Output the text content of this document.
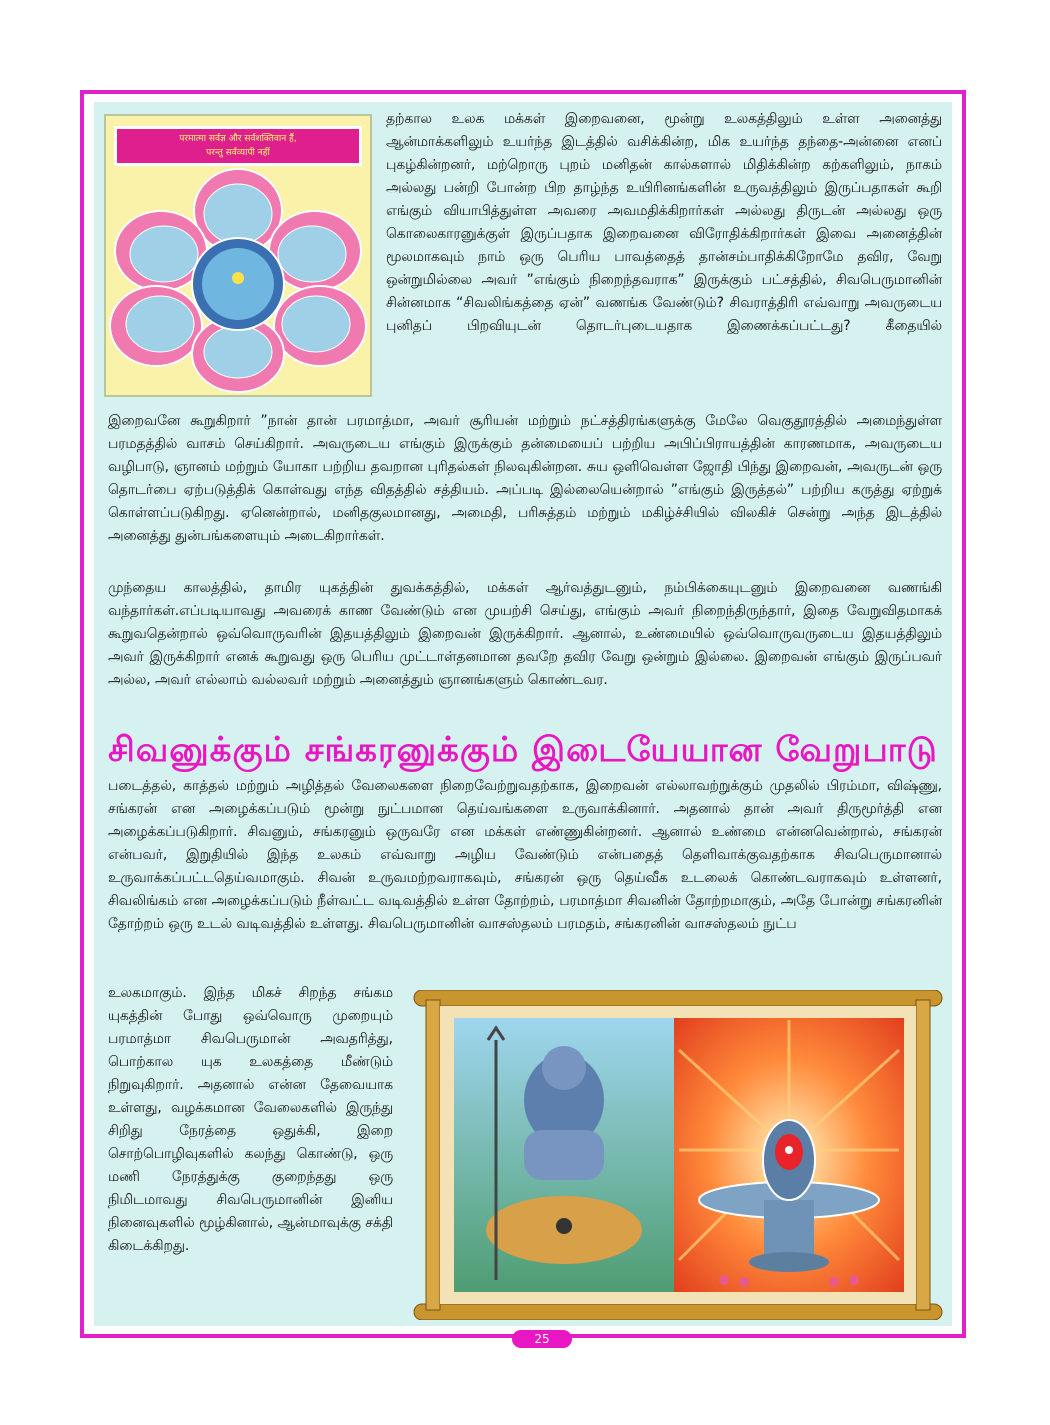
परमात्मा सर्वज्ञ और सर्वशक्तिवान हैं,
परन्तु सर्वव्यापी नहीं

தற்கால உலக மக்கள் இறைவனை, மூன்று உலகத்திலும் உள்ள அனைத்து ஆன்மாக்களிலும் உயர்ந்த இடத்தில் வசிக்கின்ற, மிக உயர்ந்த தந்தை-அன்னை எனப் புகழ்கின்றனர், மற்றொரு புறம் மனிதன் கால்களால் மிதிக்கின்ற கற்களிலும், நாகம் அல்லது பன்றி போன்ற பிற தாழ்ந்த உயிரினங்களின் உருவத்திலும் இருப்பதாகள் கூறி எங்கும் வியாபித்துள்ள அவரை அவமதிக்கிறார்கள் அல்லது திருடன் அல்லது ஒரு கொலைகாரனுக்குள் இருப்பதாக இறைவனை விரோதிக்கிறார்கள் இவை அனைத்தின் மூலமாகவும் நாம் ஒரு பெரிய பாவத்தைத் தான்சம்பாதிக்கிறோமே தவிர, வேறு ஒன்றுமில்லை அவர் ”எங்கும் நிறைந்தவராக” இருக்கும் பட்சத்தில், சிவபெருமானின் சின்னமாக “சிவலிங்கத்தை ஏன்” வணங்க வேண்டும்? சிவராத்திரி எவ்வாறு அவருடைய புனிதப் பிறவியுடன் தொடர்புடையதாக இணைக்கப்பட்டது? கீதையில்

இறைவனே கூறுகிறார் ”நான் தான் பரமாத்மா, அவர் சூரியன் மற்றும் நட்சத்திரங்களுக்கு மேலே வெகுதூரத்தில் அமைந்துள்ள பரமதத்தில் வாசம் செய்கிறார். அவருடைய எங்கும் இருக்கும் தன்மையைப் பற்றிய அபிப்பிராயத்தின் காரணமாக, அவருடைய வழிபாடு, ஞானம் மற்றும் யோகா பற்றிய தவறான புரிதல்கள் நிலவுகின்றன. சுய ஒளிவெள்ள ஜோதி பிந்து இறைவன், அவருடன் ஒரு தொடர்பை ஏற்படுத்திக் கொள்வது எந்த விதத்தில் சத்தியம். அப்படி இல்லையென்றால் ”எங்கும் இருத்தல்” பற்றிய கருத்து ஏற்றுக் கொள்ளப்படுகிறது. ஏனென்றால், மனிதகுலமானது, அமைதி, பரிசுத்தம் மற்றும் மகிழ்ச்சியில் விலகிச் சென்று அந்த இடத்தில் அனைத்து துன்பங்களையும் அடைகிறார்கள்.

முந்தைய காலத்தில், தாமிர யுகத்தின் துவக்கத்தில், மக்கள் ஆர்வத்துடனும், நம்பிக்கையுடனும் இறைவனை வணங்கி வந்தார்கள்.எப்படியாவது அவரைக் காண வேண்டும் என முயற்சி செய்து, எங்கும் அவர் நிறைந்திருந்தார், இதை வேறுவிதமாகக் கூறுவதென்றால் ஒவ்வொருவரின் இதயத்திலும் இறைவன் இருக்கிறார். ஆனால், உண்மையில் ஒவ்வொருவருடைய இதயத்திலும் அவர் இருக்கிறார் எனக் கூறுவது ஒரு பெரிய முட்டாள்தனமான தவறே தவிர வேறு ஒன்றும் இல்லை. இறைவன் எங்கும் இருப்பவர் அல்ல, அவர் எல்லாம் வல்லவர் மற்றும் அனைத்தும் ஞானங்களும் கொண்டவர.

சிவனுக்கும் சங்கரனுக்கும் இடையேயான வேறுபாடு

படைத்தல், காத்தல் மற்றும் அழித்தல் வேலைகளை நிறைவேற்றுவதற்காக, இறைவன் எல்லாவற்றுக்கும் முதலில் பிரம்மா, விஷ்ணு, சங்கரன் என அழைக்கப்படும் மூன்று நுட்பமான தெய்வங்களை உருவாக்கினார். அதனால் தான் அவர் திருமூர்த்தி என அழைக்கப்படுகிறார். சிவனும், சங்கரனும் ஒருவரே என மக்கள் எண்ணுகின்றனர். ஆனால் உண்மை என்னவென்றால், சங்கரன் என்பவர், இறுதியில் இந்த உலகம் எவ்வாறு அழிய வேண்டும் என்பதைத் தெளிவாக்குவதற்காக சிவபெருமானால் உருவாக்கப்பட்டதெய்வமாகும். சிவன் உருவமற்றவராகவும், சங்கரன் ஒரு தெய்வீக உடலைக் கொண்டவராகவும் உள்ளனர், சிவலிங்கம் என அழைக்கப்படும் நீள்வட்ட வடிவத்தில் உள்ள தோற்றம், பரமாத்மா சிவனின் தோற்றமாகும், அதே போன்று சங்கரனின் தோற்றம் ஒரு உடல் வடிவத்தில் உள்ளது. சிவபெருமானின் வாசஸ்தலம் பரமதம், சங்கரனின் வாசஸ்தலம் நுட்ப

உலகமாகும். இந்த மிகச் சிறந்த சங்கம யுகத்தின் போது ஒவ்வொரு முறையும் பரமாத்மா சிவபெருமான் அவதரித்து, பொற்கால யுக உலகத்தை மீண்டும் நிறுவுகிறார். அதனால் என்ன தேவையாக உள்ளது, வழக்கமான வேலைகளில் இருந்து சிறிது நேரத்தை ஒதுக்கி, இறை சொற்பொழிவுகளில் கலந்து கொண்டு, ஒரு மணி நேரத்துக்கு குறைந்தது ஒரு நிமிடமாவது சிவபெருமானின் இனிய நினைவுகளில் மூழ்கினால், ஆன்மாவுக்கு சக்தி கிடைக்கிறது.

25
